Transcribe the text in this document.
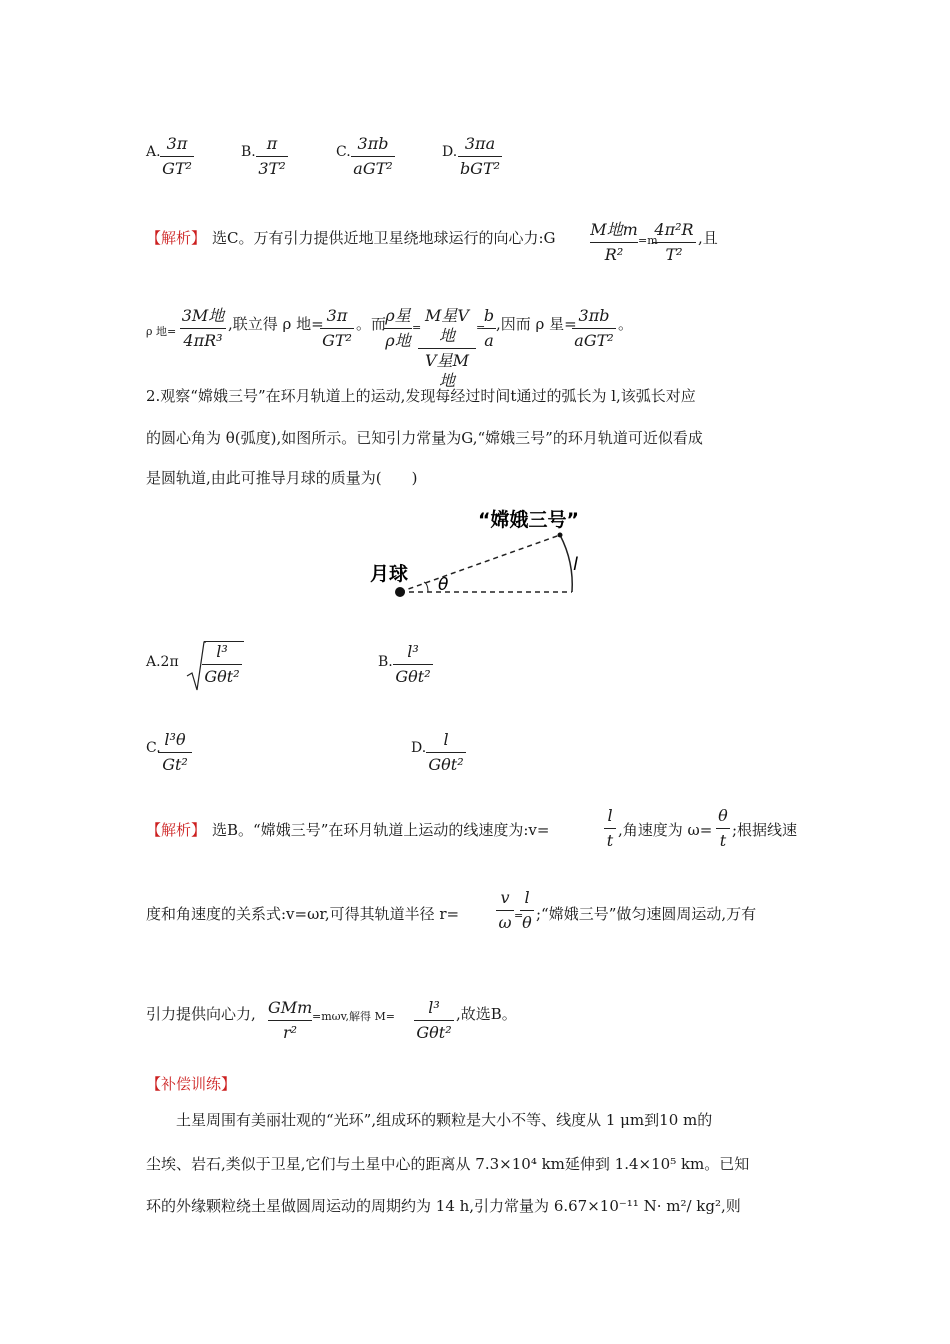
A. 3π
GT²
B. π
3T²
C. 3πb
aGT²
D. 3πa
bGT²
【解析】 选C。万有引力提供近地卫星绕地球运行的向心力:G M地m
R²
=m
4π²R
T²
,且
ρ 地=
3M地
4πR³
,联立得 ρ 地= 3π
GT²
。而 ρ星
ρ地
=
M星V地
V星M地
=
b
a
,因而 ρ 星= 3πb
aGT²
。
2.观察“嫦娥三号”在环月轨道上的运动,发现每经过时间t通过的弧长为 l,该弧长对应
的圆心角为 θ(弧度),如图所示。已知引力常量为G,“嫦娥三号”的环月轨道可近似看成
是圆轨道,由此可推导月球的质量为(　　)
“嫦娥三号”
月球 θ
l
A.2π
l³
Gθt²
B.
l³
Gθt²
C. l³θ
Gt²
D.	l
Gθt²
【解析】 选B。“嫦娥三号”在环月轨道上运动的线速度为:v=
l
t
,角速度为 ω=
θ
t
;根据线速
度和角速度的关系式:v=ωr,可得其轨道半径 r=
v
ω =
l
θ ;“嫦娥三号”做匀速圆周运动,万有
引力提供向心力, GMm
r²
=mωv,解得 M=	l³
Gθt²
,故选B。
【补偿训练】
土星周围有美丽壮观的“光环”,组成环的颗粒是大小不等、线度从 1 μm到10 m的
尘埃、岩石,类似于卫星,它们与土星中心的距离从 7.3×10⁴ km延伸到 1.4×10⁵ km。已知
环的外缘颗粒绕土星做圆周运动的周期约为 14 h,引力常量为 6.67×10⁻¹¹ N· m²/ kg²,则
